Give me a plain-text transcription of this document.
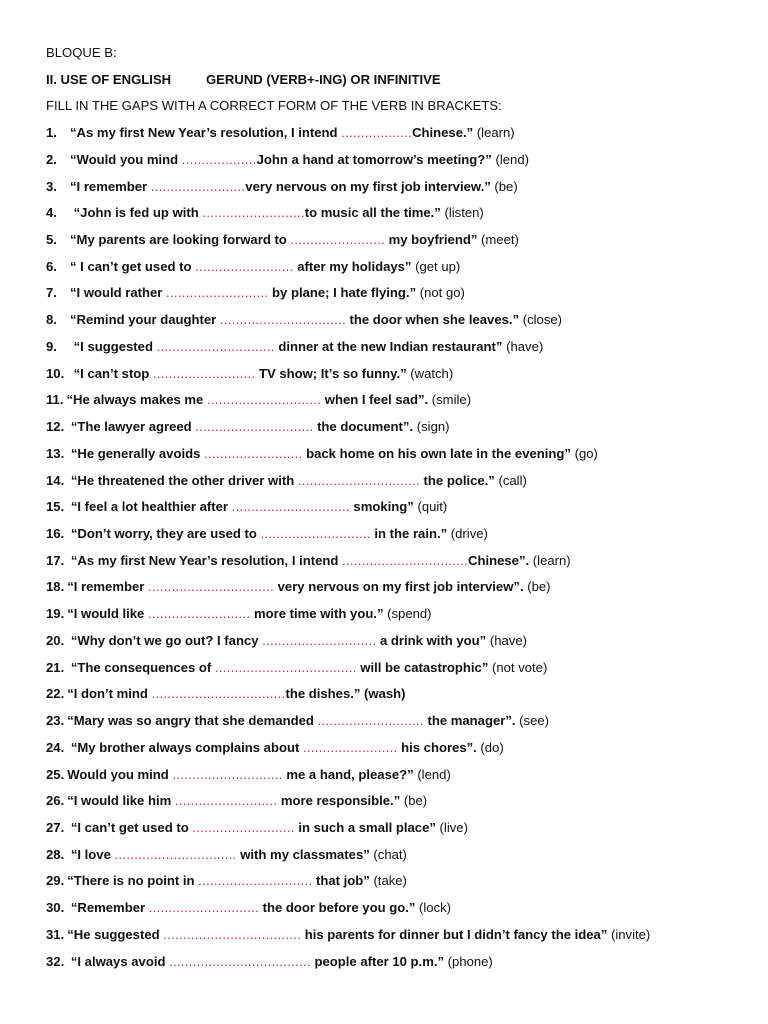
BLOQUE B:
II. USE OF ENGLISH	GERUND (VERB+-ING) OR INFINITIVE
FILL IN THE GAPS WITH A CORRECT FORM OF THE VERB IN BRACKETS:
1. “As my first New Year’s resolution, I intend ..................Chinese.” (learn)
2. “Would you mind ...................John a hand at tomorrow’s meeting?” (lend)
3. “I remember ........................very nervous on my first job interview.” (be)
4. “John is fed up with ..........................to music all the time.” (listen)
5. “My parents are looking forward to ........................ my boyfriend” (meet)
6. “ I can’t get used to ......................... after my holidays” (get up)
7. “I would rather .......................... by plane; I hate flying.” (not go)
8. “Remind your daughter ................................ the door when she leaves.” (close)
9. “I suggested .............................. dinner at the new Indian restaurant” (have)
10. “I can’t stop .......................... TV show; It’s so funny.” (watch)
11. “He always makes me ............................. when I feel sad”. (smile)
12. “The lawyer agreed .............................. the document”. (sign)
13. “He generally avoids ......................... back home on his own late in the evening” (go)
14. “He threatened the other driver with ............................... the police.” (call)
15. “I feel a lot healthier after .............................. smoking” (quit)
16. “Don’t worry, they are used to ............................ in the rain.” (drive)
17. “As my first New Year’s resolution, I intend ................................Chinese”. (learn)
18. “I remember ................................ very nervous on my first job interview”. (be)
19. “I would like .......................... more time with you.” (spend)
20. “Why don’t we go out? I fancy ............................. a drink with you” (have)
21. “The consequences of .................................... will be catastrophic” (not vote)
22. “I don’t mind ..................................the dishes.” (wash)
23. “Mary was so angry that she demanded ........................... the manager”. (see)
24. “My brother always complains about ........................ his chores”. (do)
25. Would you mind ............................ me a hand, please?” (lend)
26. “I would like him .......................... more responsible.” (be)
27. “I can’t get used to .......................... in such a small place” (live)
28. “I love ............................... with my classmates” (chat)
29. “There is no point in ............................. that job” (take)
30. “Remember ............................ the door before you go.” (lock)
31. “He suggested ................................... his parents for dinner but I didn’t fancy the idea” (invite)
32. “I always avoid .................................... people after 10 p.m.” (phone)
